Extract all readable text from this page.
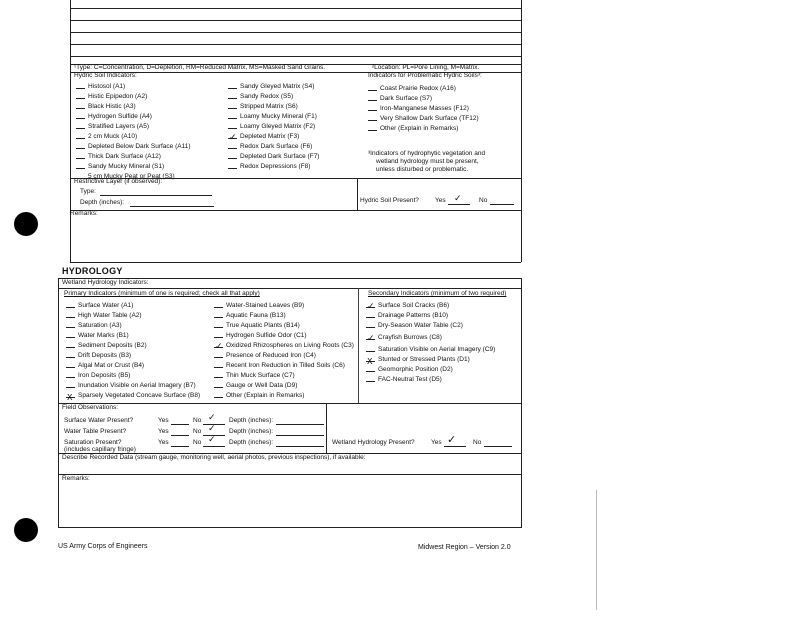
¹Type: C=Concentration, D=Depletion, RM=Reduced Matrix, MS=Masked Sand Grains.	²Location: PL=Pore Lining, M=Matrix.
Hydric Soil Indicators:	Indicators for Problematic Hydric Soils³:
Histosol (A1)
Histic Epipedon (A2)
Black Histic (A3)
Hydrogen Sulfide (A4)
Stratified Layers (A5)
2 cm Muck (A10)
Depleted Below Dark Surface (A11)
Thick Dark Surface (A12)
Sandy Mucky Mineral (S1)
5 cm Mucky Peat or Peat (S3)
Sandy Gleyed Matrix (S4)
Sandy Redox (S5)
Stripped Matrix (S6)
Loamy Mucky Mineral (F1)
Loamy Gleyed Matrix (F2)
✓ Depleted Matrix (F3)
Redox Dark Surface (F6)
Depleted Dark Surface (F7)
Redox Depressions (F8)
Coast Prairie Redox (A16)
Dark Surface (S7)
Iron-Manganese Masses (F12)
Very Shallow Dark Surface (TF12)
Other (Explain in Remarks)
³Indicators of hydrophytic vegetation and
wetland hydrology must be present,
unless disturbed or problematic.
Restrictive Layer (if observed):
Type:
Depth (inches):	Hydric Soil Present? Yes ✓	No
Remarks:
HYDROLOGY
Wetland Hydrology Indicators:
Primary Indicators (minimum of one is required; check all that apply)	Secondary Indicators (minimum of two required)
Surface Water (A1)
High Water Table (A2)
Saturation (A3)
Water Marks (B1)
Sediment Deposits (B2)
Drift Deposits (B3)
Algal Mat or Crust (B4)
Iron Deposits (B5)
Inundation Visible on Aerial Imagery (B7)
X Sparsely Vegetated Concave Surface (B8)
Water-Stained Leaves (B9)
Aquatic Fauna (B13)
True Aquatic Plants (B14)
Hydrogen Sulfide Odor (C1)
✓ Oxidized Rhizospheres on Living Roots (C3)
Presence of Reduced Iron (C4)
Recent Iron Reduction in Tilled Soils (C6)
Thin Muck Surface (C7)
Gauge or Well Data (D9)
Other (Explain in Remarks)
✓ Surface Soil Cracks (B6)
Drainage Patterns (B10)
Dry-Season Water Table (C2)
✓ Crayfish Burrows (C8)
Saturation Visible on Aerial Imagery (C9)
X Stunted or Stressed Plants (D1)
Geomorphic Position (D2)
FAC-Neutral Test (D5)
Field Observations:
Surface Water Present?	Yes	No ✓ Depth (inches):
Water Table Present?	Yes	No ✓ Depth (inches):
Saturation Present?
(includes capillary fringe)
Yes	No ✓ Depth (inches):	Wetland Hydrology Present?	Yes ✓	No
Describe Recorded Data (stream gauge, monitoring well, aerial photos, previous inspections), if available:
Remarks:
US Army Corps of Engineers	Midwest Region – Version 2.0
